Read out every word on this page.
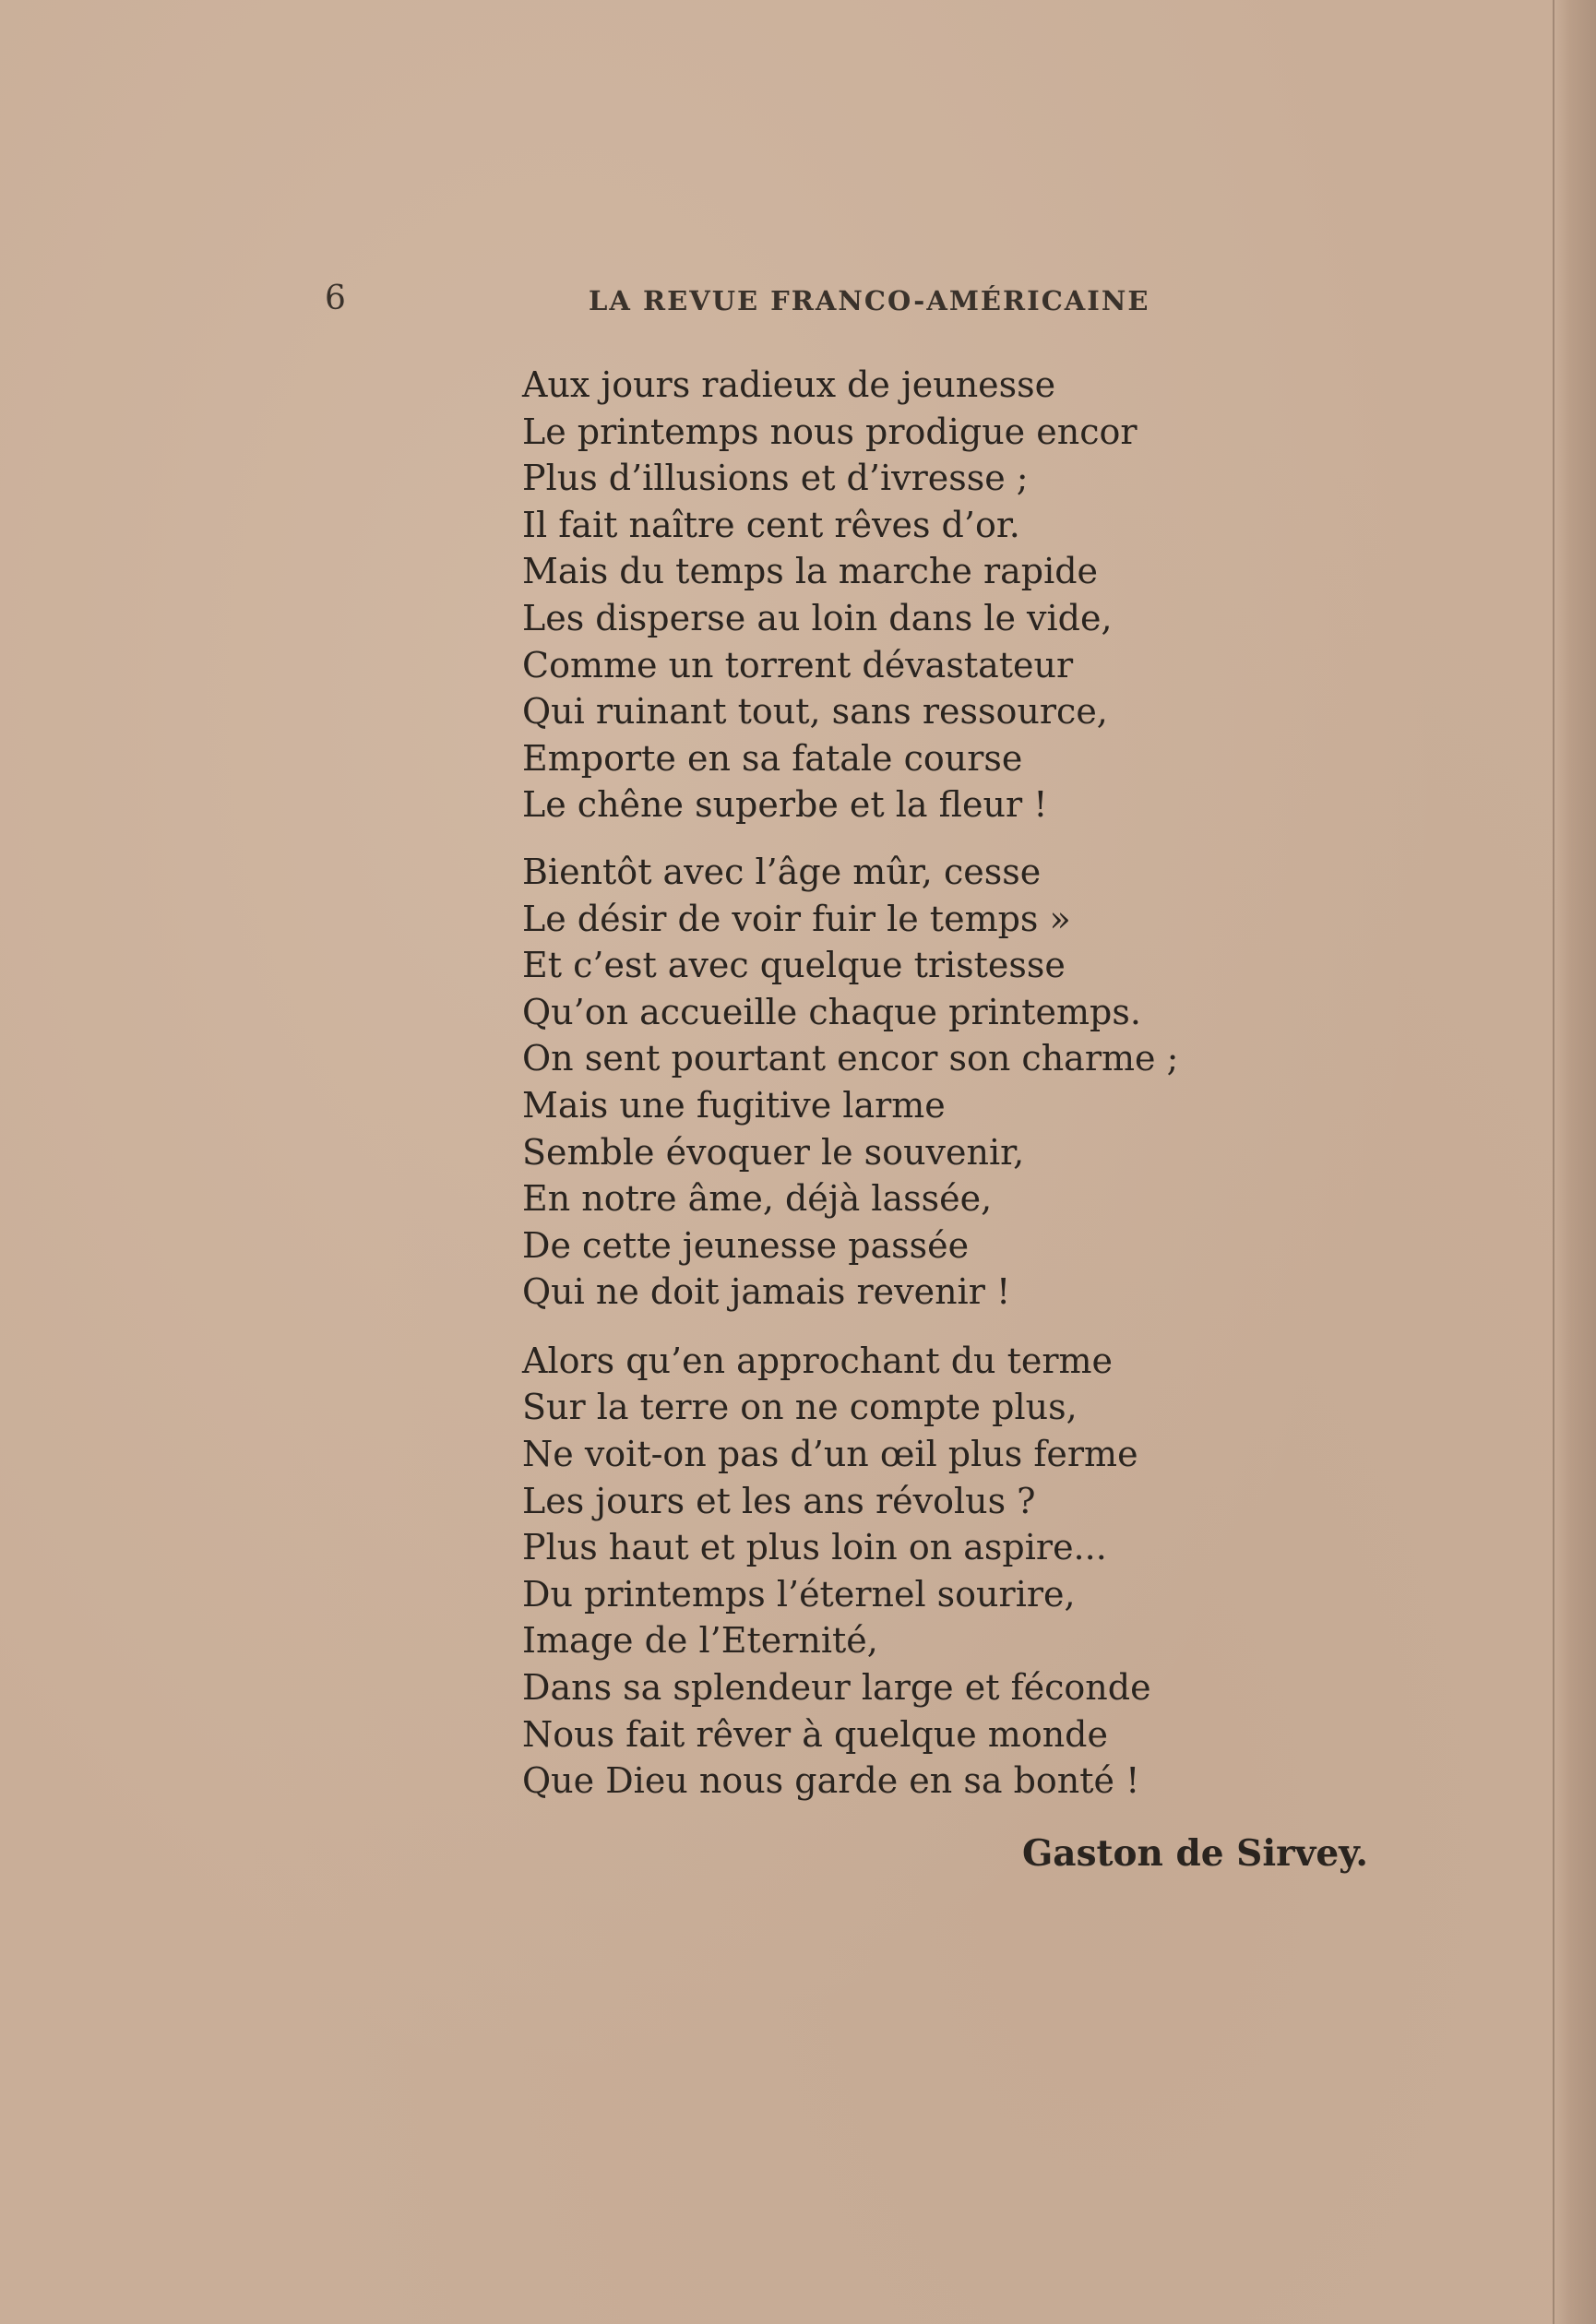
6	LA REVUE FRANCO-AMÉRICAINE
Aux jours radieux de jeunesse
Le printemps nous prodigue encor
Plus d’illusions et d’ivresse ;
Il fait naître cent rêves d’or.
Mais du temps la marche rapide
Les disperse au loin dans le vide,
Comme un torrent dévastateur
Qui ruinant tout, sans ressource,
Emporte en sa fatale course
Le chêne superbe et la fleur !
Bientôt avec l’âge mûr, cesse
Le désir de voir fuir le temps »
Et c’est avec quelque tristesse
Qu’on accueille chaque printemps.
On sent pourtant encor son charme ;
Mais une fugitive larme
Semble évoquer le souvenir,
En notre âme, déjà lassée,
De cette jeunesse passée
Qui ne doit jamais revenir !
Alors qu’en approchant du terme
Sur la terre on ne compte plus,
Ne voit-on pas d’un œil plus ferme
Les jours et les ans révolus ?
Plus haut et plus loin on aspire...
Du printemps l’éternel sourire,
Image de l’Eternité,
Dans sa splendeur large et féconde
Nous fait rêver à quelque monde
Que Dieu nous garde en sa bonté !
Gaston de Sirvey.
